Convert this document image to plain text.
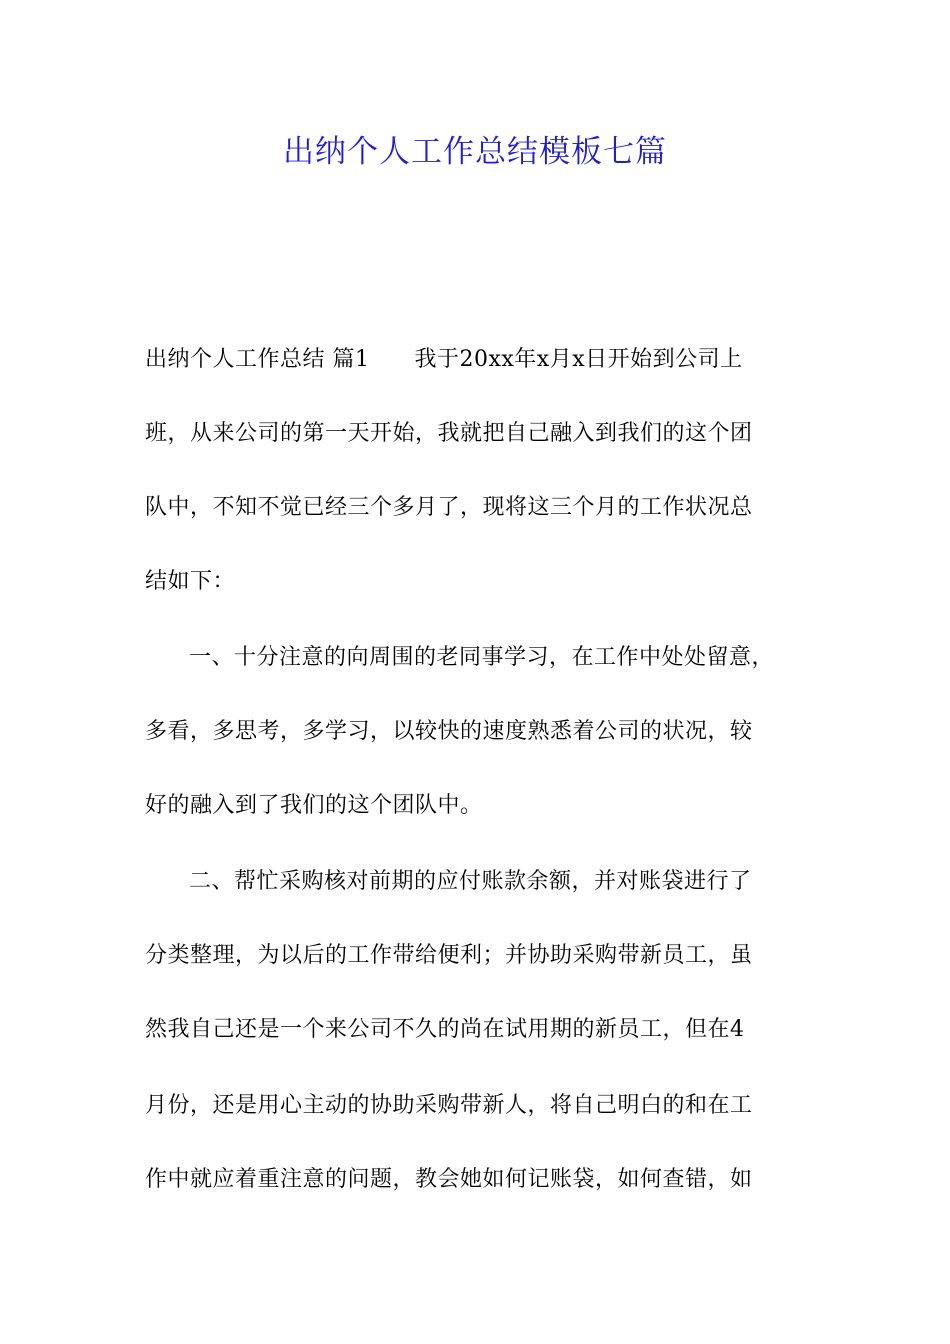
出纳个人工作总结模板七篇
出纳个人工作总结 篇1　　我于20xx年x月x日开始到公司上
班，从来公司的第一天开始，我就把自己融入到我们的这个团
队中，不知不觉已经三个多月了，现将这三个月的工作状况总
结如下：
一、十分注意的向周围的老同事学习，在工作中处处留意，
多看，多思考，多学习，以较快的速度熟悉着公司的状况，较
好的融入到了我们的这个团队中。
二、帮忙采购核对前期的应付账款余额，并对账袋进行了
分类整理，为以后的工作带给便利；并协助采购带新员工，虽
然我自己还是一个来公司不久的尚在试用期的新员工，但在4
月份，还是用心主动的协助采购带新人，将自己明白的和在工
作中就应着重注意的问题，教会她如何记账袋，如何查错，如
